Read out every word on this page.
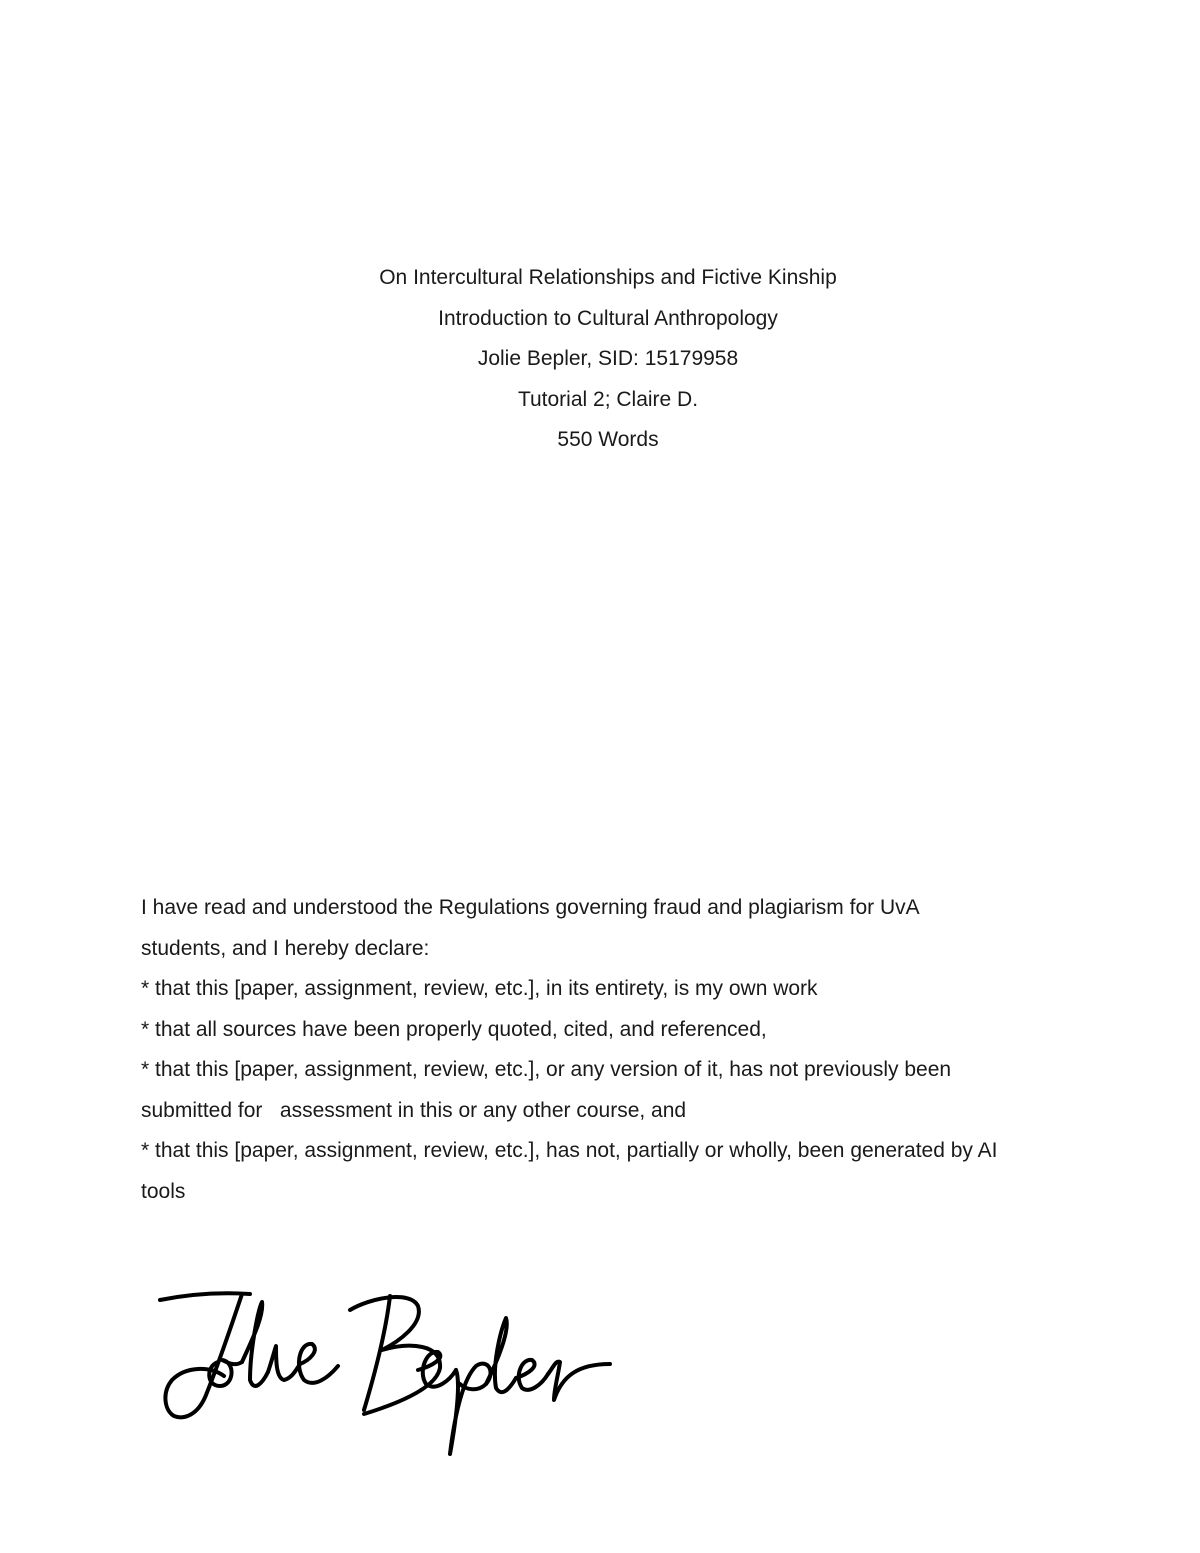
On Intercultural Relationships and Fictive Kinship
Introduction to Cultural Anthropology
Jolie Bepler, SID: 15179958
Tutorial 2; Claire D.
550 Words
I have read and understood the Regulations governing fraud and plagiarism for UvA
students, and I hereby declare:
* that this [paper, assignment, review, etc.], in its entirety, is my own work
* that all sources have been properly quoted, cited, and referenced,
* that this [paper, assignment, review, etc.], or any version of it, has not previously been
submitted for   assessment in this or any other course, and
* that this [paper, assignment, review, etc.], has not, partially or wholly, been generated by AI
tools
